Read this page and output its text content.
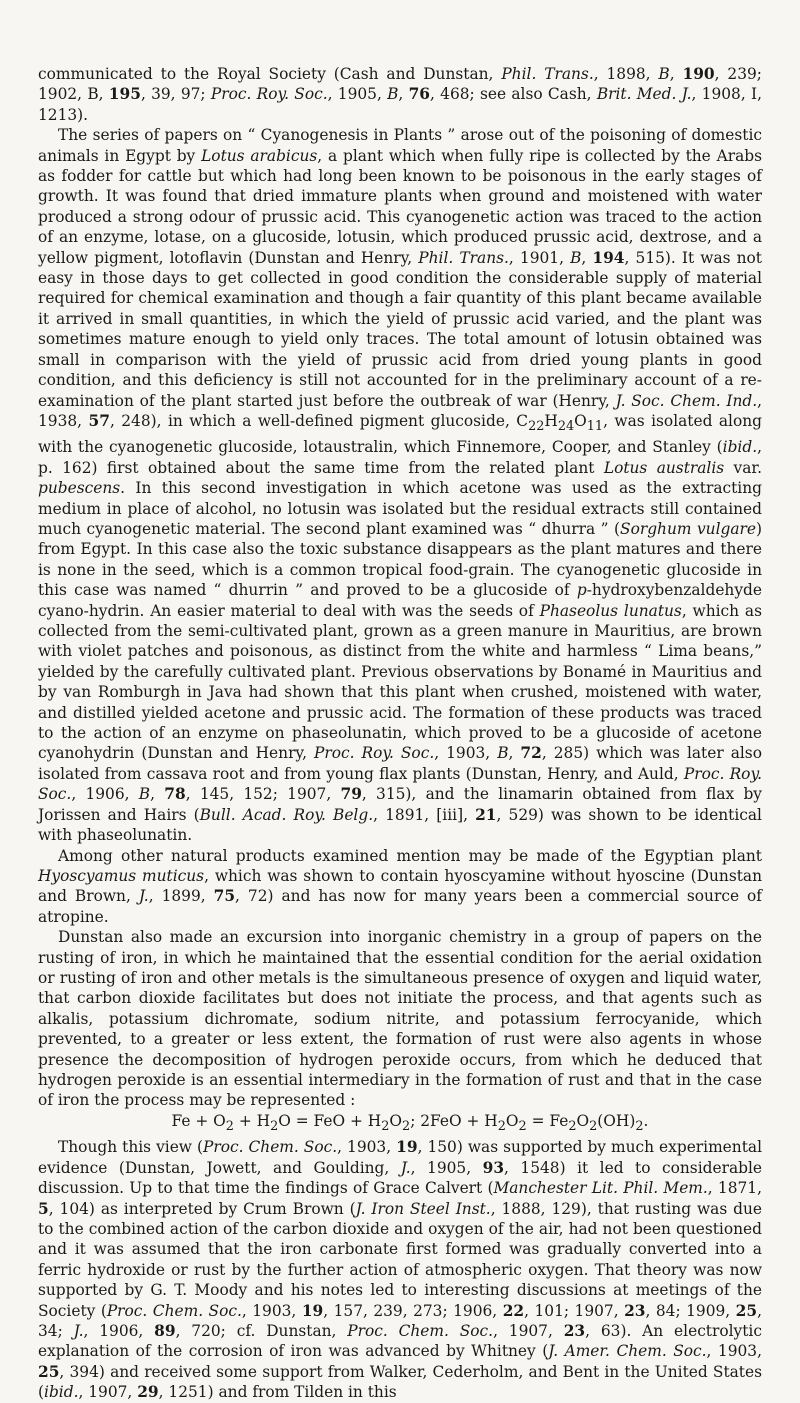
communicated to the Royal Society (Cash and Dunstan, Phil. Trans., 1898, B, 190, 239; 1902, B, 195, 39, 97; Proc. Roy. Soc., 1905, B, 76, 468; see also Cash, Brit. Med. J., 1908, I, 1213).

The series of papers on “ Cyanogenesis in Plants ” arose out of the poisoning of domestic animals in Egypt by Lotus arabicus, a plant which when fully ripe is collected by the Arabs as fodder for cattle but which had long been known to be poisonous in the early stages of growth. It was found that dried immature plants when ground and moistened with water produced a strong odour of prussic acid. This cyanogenetic action was traced to the action of an enzyme, lotase, on a glucoside, lotusin, which produced prussic acid, dextrose, and a yellow pigment, lotoflavin (Dunstan and Henry, Phil. Trans., 1901, B, 194, 515). It was not easy in those days to get collected in good condition the considerable supply of material required for chemical examination and though a fair quantity of this plant became available it arrived in small quantities, in which the yield of prussic acid varied, and the plant was sometimes mature enough to yield only traces. The total amount of lotusin obtained was small in comparison with the yield of prussic acid from dried young plants in good condition, and this deficiency is still not accounted for in the preliminary account of a re-examination of the plant started just before the outbreak of war (Henry, J. Soc. Chem. Ind., 1938, 57, 248), in which a well-defined pigment glucoside, $C_{22}H_{24}O_{11}$, was isolated along with the cyanogenetic glucoside, lotaustralin, which Finnemore, Cooper, and Stanley (ibid., p. 162) first obtained about the same time from the related plant Lotus australis var. pubescens. In this second investigation in which acetone was used as the extracting medium in place of alcohol, no lotusin was isolated but the residual extracts still contained much cyanogenetic material. The second plant examined was “ dhurra ” (Sorghum vulgare) from Egypt. In this case also the toxic substance disappears as the plant matures and there is none in the seed, which is a common tropical food-grain. The cyanogenetic glucoside in this case was named “ dhurrin ” and proved to be a glucoside of p-hydroxybenzaldehyde cyano-hydrin. An easier material to deal with was the seeds of Phaseolus lunatus, which as collected from the semi-cultivated plant, grown as a green manure in Mauritius, are brown with violet patches and poisonous, as distinct from the white and harmless “ Lima beans,” yielded by the carefully cultivated plant. Previous observations by Bonamé in Mauritius and by van Romburgh in Java had shown that this plant when crushed, moistened with water, and distilled yielded acetone and prussic acid. The formation of these products was traced to the action of an enzyme on phaseolunatin, which proved to be a glucoside of acetone cyanohydrin (Dunstan and Henry, Proc. Roy. Soc., 1903, B, 72, 285) which was later also isolated from cassava root and from young flax plants (Dunstan, Henry, and Auld, Proc. Roy. Soc., 1906, B, 78, 145, 152; 1907, 79, 315), and the linamarin obtained from flax by Jorissen and Hairs (Bull. Acad. Roy. Belg., 1891, [iii], 21, 529) was shown to be identical with phaseolunatin.

Among other natural products examined mention may be made of the Egyptian plant Hyoscyamus muticus, which was shown to contain hyoscyamine without hyoscine (Dunstan and Brown, J., 1899, 75, 72) and has now for many years been a commercial source of atropine.

Dunstan also made an excursion into inorganic chemistry in a group of papers on the rusting of iron, in which he maintained that the essential condition for the aerial oxidation or rusting of iron and other metals is the simultaneous presence of oxygen and liquid water, that carbon dioxide facilitates but does not initiate the process, and that agents such as alkalis, potassium dichromate, sodium nitrite, and potassium ferrocyanide, which prevented, to a greater or less extent, the formation of rust were also agents in whose presence the decomposition of hydrogen peroxide occurs, from which he deduced that hydrogen peroxide is an essential intermediary in the formation of rust and that in the case of iron the process may be represented :

$Fe + O_2 + H_2O$ = FeO + $H_2O_2$; $2FeO + H_2O_2 = Fe_2O_2(OH)_2$.

Though this view (Proc. Chem. Soc., 1903, 19, 150) was supported by much experimental evidence (Dunstan, Jowett, and Goulding, J., 1905, 93, 1548) it led to considerable discussion. Up to that time the findings of Grace Calvert (Manchester Lit. Phil. Mem., 1871, 5, 104) as interpreted by Crum Brown (J. Iron Steel Inst., 1888, 129), that rusting was due to the combined action of the carbon dioxide and oxygen of the air, had not been questioned and it was assumed that the iron carbonate first formed was gradually converted into a ferric hydroxide or rust by the further action of atmospheric oxygen. That theory was now supported by G. T. Moody and his notes led to interesting discussions at meetings of the Society (Proc. Chem. Soc., 1903, 19, 157, 239, 273; 1906, 22, 101; 1907, 23, 84; 1909, 25, 34; J., 1906, 89, 720; cf. Dunstan, Proc. Chem. Soc., 1907, 23, 63). An electrolytic explanation of the corrosion of iron was advanced by Whitney (J. Amer. Chem. Soc., 1903, 25, 394) and received some support from Walker, Cederholm, and Bent in the United States (ibid., 1907, 29, 1251) and from Tilden in this
